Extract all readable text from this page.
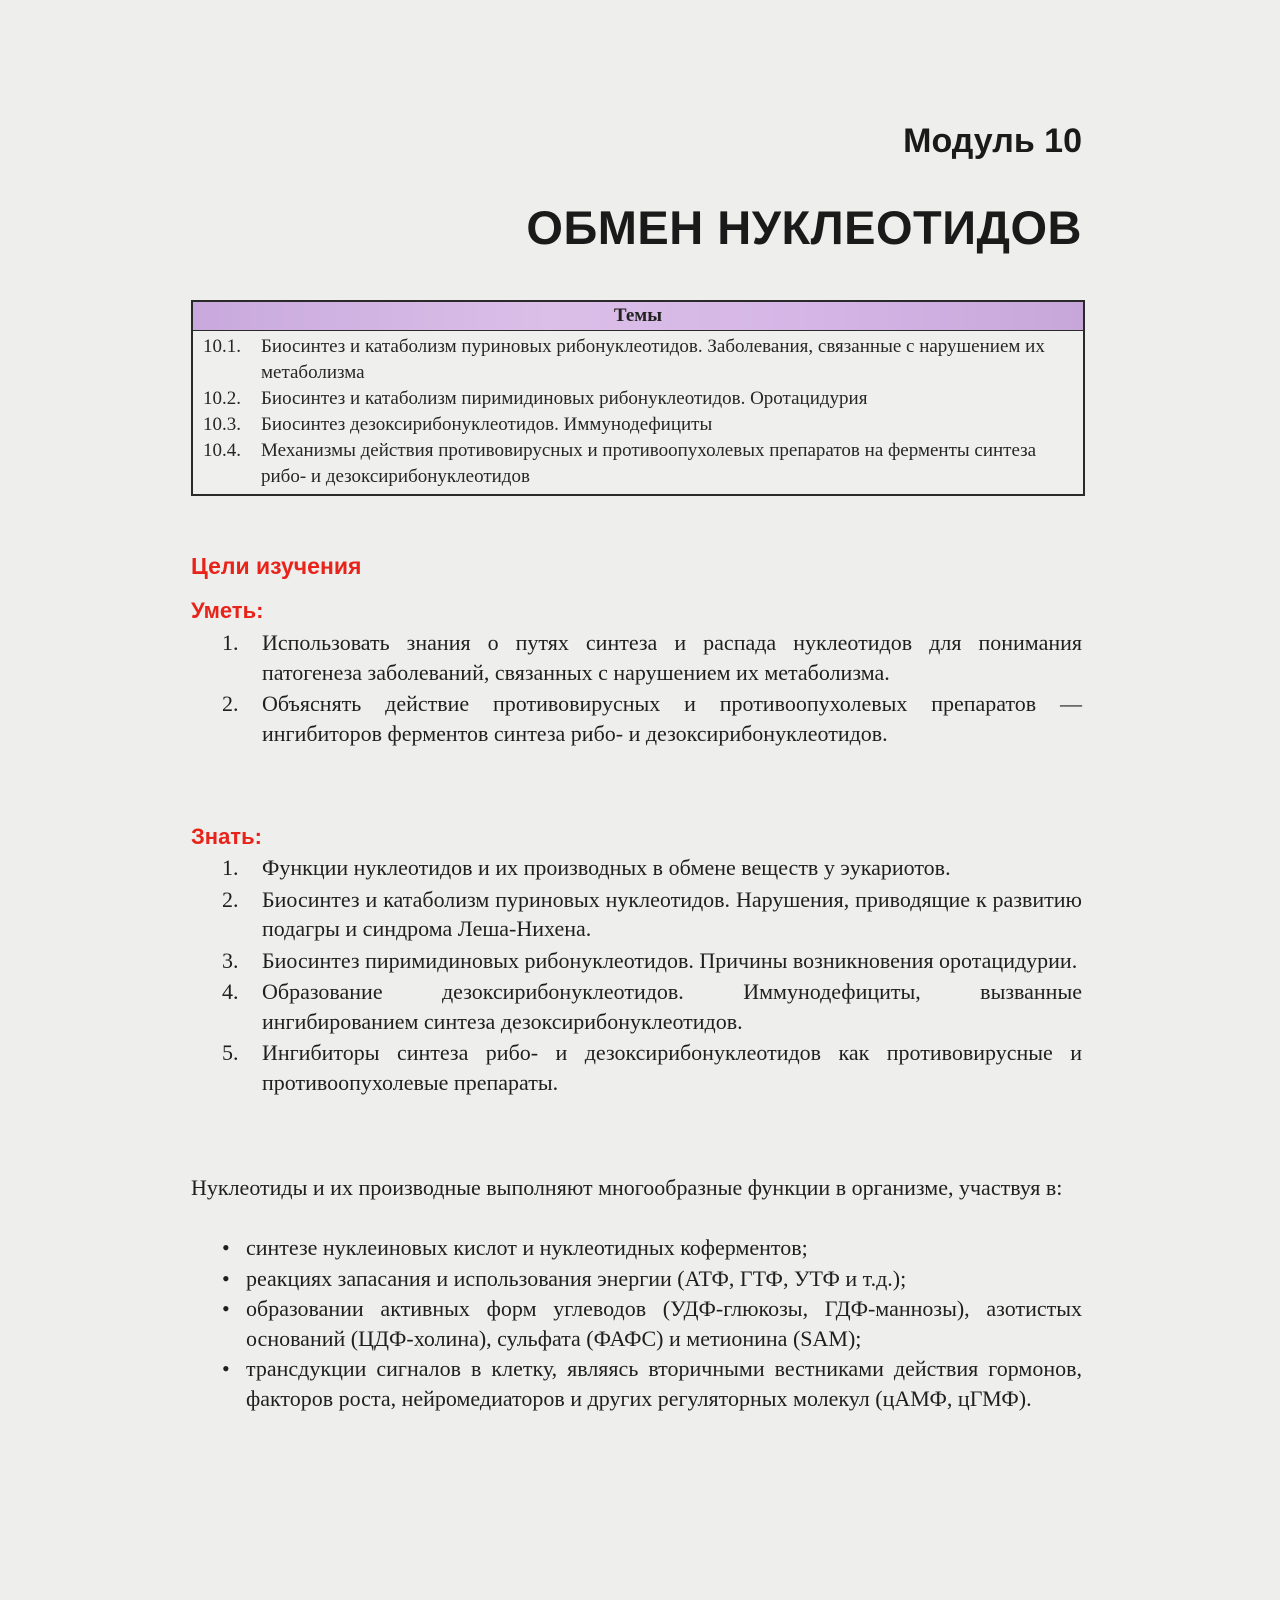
Модуль 10
ОБМЕН НУКЛЕОТИДОВ
Темы
10.1. Биосинтез и катаболизм пуриновых рибонуклеотидов. Заболевания, связанные с нарушением их метаболизма
10.2. Биосинтез и катаболизм пиримидиновых рибонуклеотидов. Оротацидурия
10.3. Биосинтез дезоксирибонуклеотидов. Иммунодефициты
10.4. Механизмы действия противовирусных и противоопухолевых препаратов на ферменты синтеза рибо- и дезоксирибонуклеотидов
Цели изучения
Уметь:
1. Использовать знания о путях синтеза и распада нуклеотидов для понимания патогенеза заболеваний, связанных с нарушением их метаболизма.
2. Объяснять действие противовирусных и противоопухолевых препаратов — ингибиторов ферментов синтеза рибо- и дезоксирибонуклеотидов.
Знать:
1. Функции нуклеотидов и их производных в обмене веществ у эукариотов.
2. Биосинтез и катаболизм пуриновых нуклеотидов. Нарушения, приводящие к развитию подагры и синдрома Леша-Нихена.
3. Биосинтез пиримидиновых рибонуклеотидов. Причины возникновения оротацидурии.
4. Образование дезоксирибонуклеотидов. Иммунодефициты, вызванные ингибированием синтеза дезоксирибонуклеотидов.
5. Ингибиторы синтеза рибо- и дезоксирибонуклеотидов как противовирусные и противоопухолевые препараты.
Нуклеотиды и их производные выполняют многообразные функции в организме, участвуя в:
• синтезе нуклеиновых кислот и нуклеотидных коферментов;
• реакциях запасания и использования энергии (АТФ, ГТФ, УТФ и т.д.);
• образовании активных форм углеводов (УДФ-глюкозы, ГДФ-маннозы), азотистых оснований (ЦДФ-холина), сульфата (ФАФС) и метионина (SAM);
• трансдукции сигналов в клетку, являясь вторичными вестниками действия гормонов, факторов роста, нейромедиаторов и других регуляторных молекул (цАМФ, цГМФ).
